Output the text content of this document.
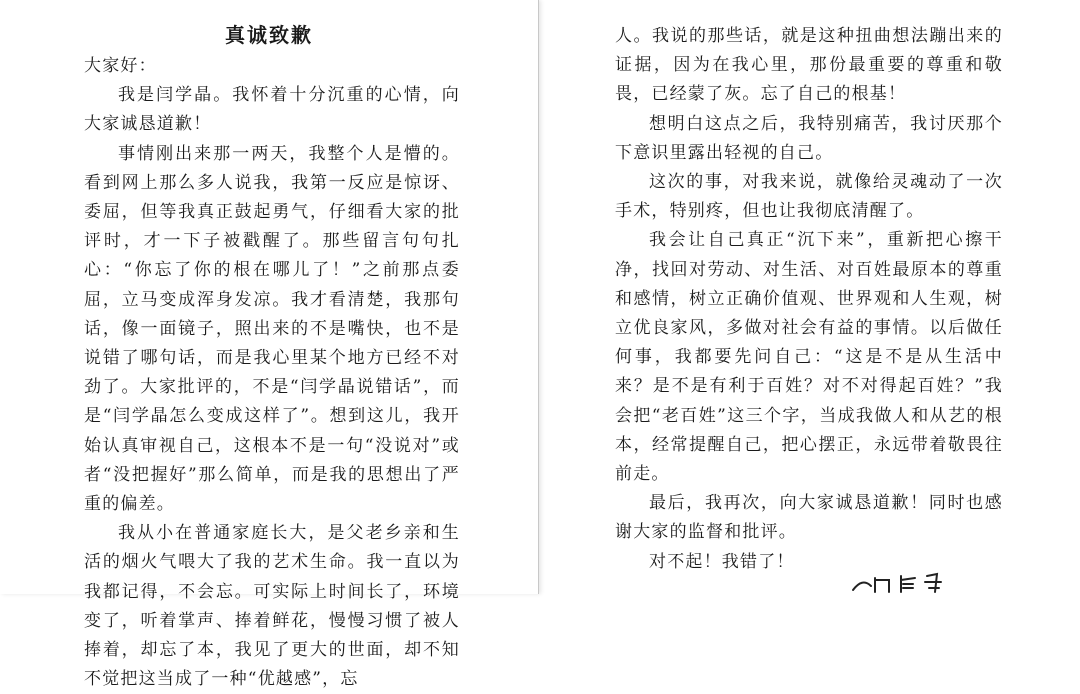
真诚致歉

大家好：

我是闫学晶。我怀着十分沉重的心情，向大家诚恳道歉！

事情刚出来那一两天，我整个人是懵的。看到网上那么多人说我，我第一反应是惊讶、委屈，但等我真正鼓起勇气，仔细看大家的批评时，才一下子被戳醒了。那些留言句句扎心：“你忘了你的根在哪儿了！”之前那点委屈，立马变成浑身发凉。我才看清楚，我那句话，像一面镜子，照出来的不是嘴快，也不是说错了哪句话，而是我心里某个地方已经不对劲了。大家批评的，不是“闫学晶说错话”，而是“闫学晶怎么变成这样了”。想到这儿，我开始认真审视自己，这根本不是一句“没说对”或者“没把握好”那么简单，而是我的思想出了严重的偏差。

我从小在普通家庭长大，是父老乡亲和生活的烟火气喂大了我的艺术生命。我一直以为我都记得，不会忘。可实际上时间长了，环境变了，听着掌声、捧着鲜花，慢慢习惯了被人捧着，却忘了本，我见了更大的世面，却不知不觉把这当成了一种“优越感”，忘

人。我说的那些话，就是这种扭曲想法蹦出来的证据，因为在我心里，那份最重要的尊重和敬畏，已经蒙了灰。忘了自己的根基！

想明白这点之后，我特别痛苦，我讨厌那个下意识里露出轻视的自己。

这次的事，对我来说，就像给灵魂动了一次手术，特别疼，但也让我彻底清醒了。

我会让自己真正“沉下来”，重新把心擦干净，找回对劳动、对生活、对百姓最原本的尊重和感情，树立正确价值观、世界观和人生观，树立优良家风，多做对社会有益的事情。以后做任何事，我都要先问自己：“这是不是从生活中来？是不是有利于百姓？对不对得起百姓？”我会把“老百姓”这三个字，当成我做人和从艺的根本，经常提醒自己，把心摆正，永远带着敬畏往前走。

最后，我再次，向大家诚恳道歉！同时也感谢大家的监督和批评。

对不起！我错了！
